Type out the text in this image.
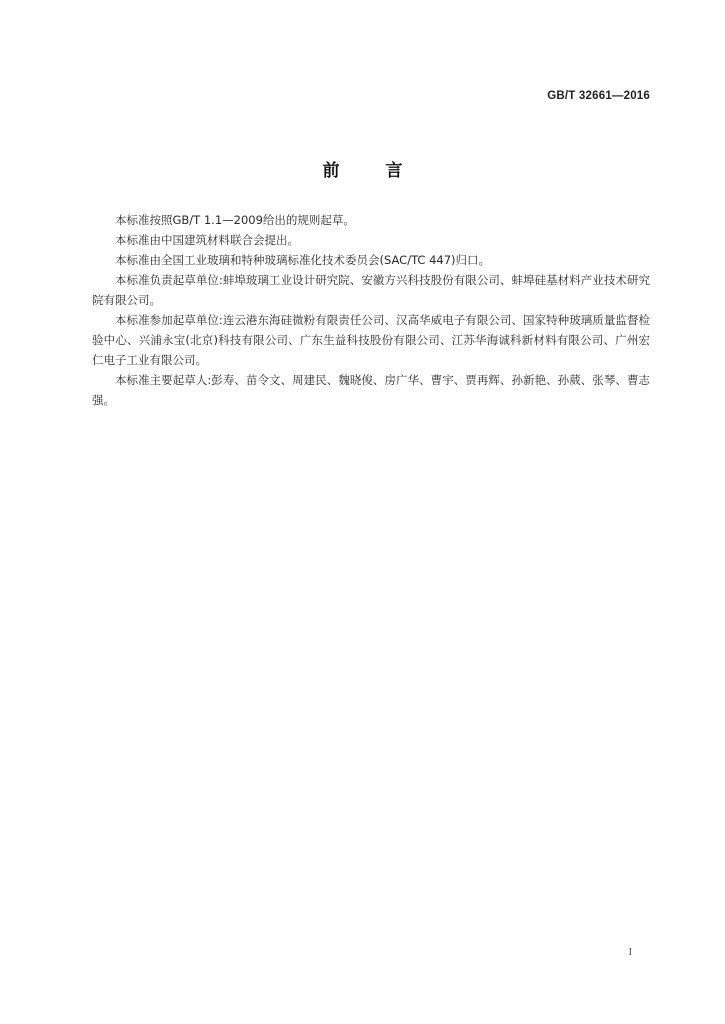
GB/T 32661—2016
前言

本标准按照GB/T 1.1—2009给出的规则起草。

本标准由中国建筑材料联合会提出。

本标准由全国工业玻璃和特种玻璃标准化技术委员会(SAC/TC 447)归口。

本标准负责起草单位:蚌埠玻璃工业设计研究院、安徽方兴科技股份有限公司、蚌埠硅基材料产业技术研究院有限公司。

本标准参加起草单位:连云港东海硅微粉有限责任公司、汉高华威电子有限公司、国家特种玻璃质量监督检验中心、兴浦永宝(北京)科技有限公司、广东生益科技股份有限公司、江苏华海诚科新材料有限公司、广州宏仁电子工业有限公司。

本标准主要起草人:彭寿、苗令文、周建民、魏晓俊、房广华、曹宇、贾再辉、孙新艳、孙葳、张琴、曹志强。

I
